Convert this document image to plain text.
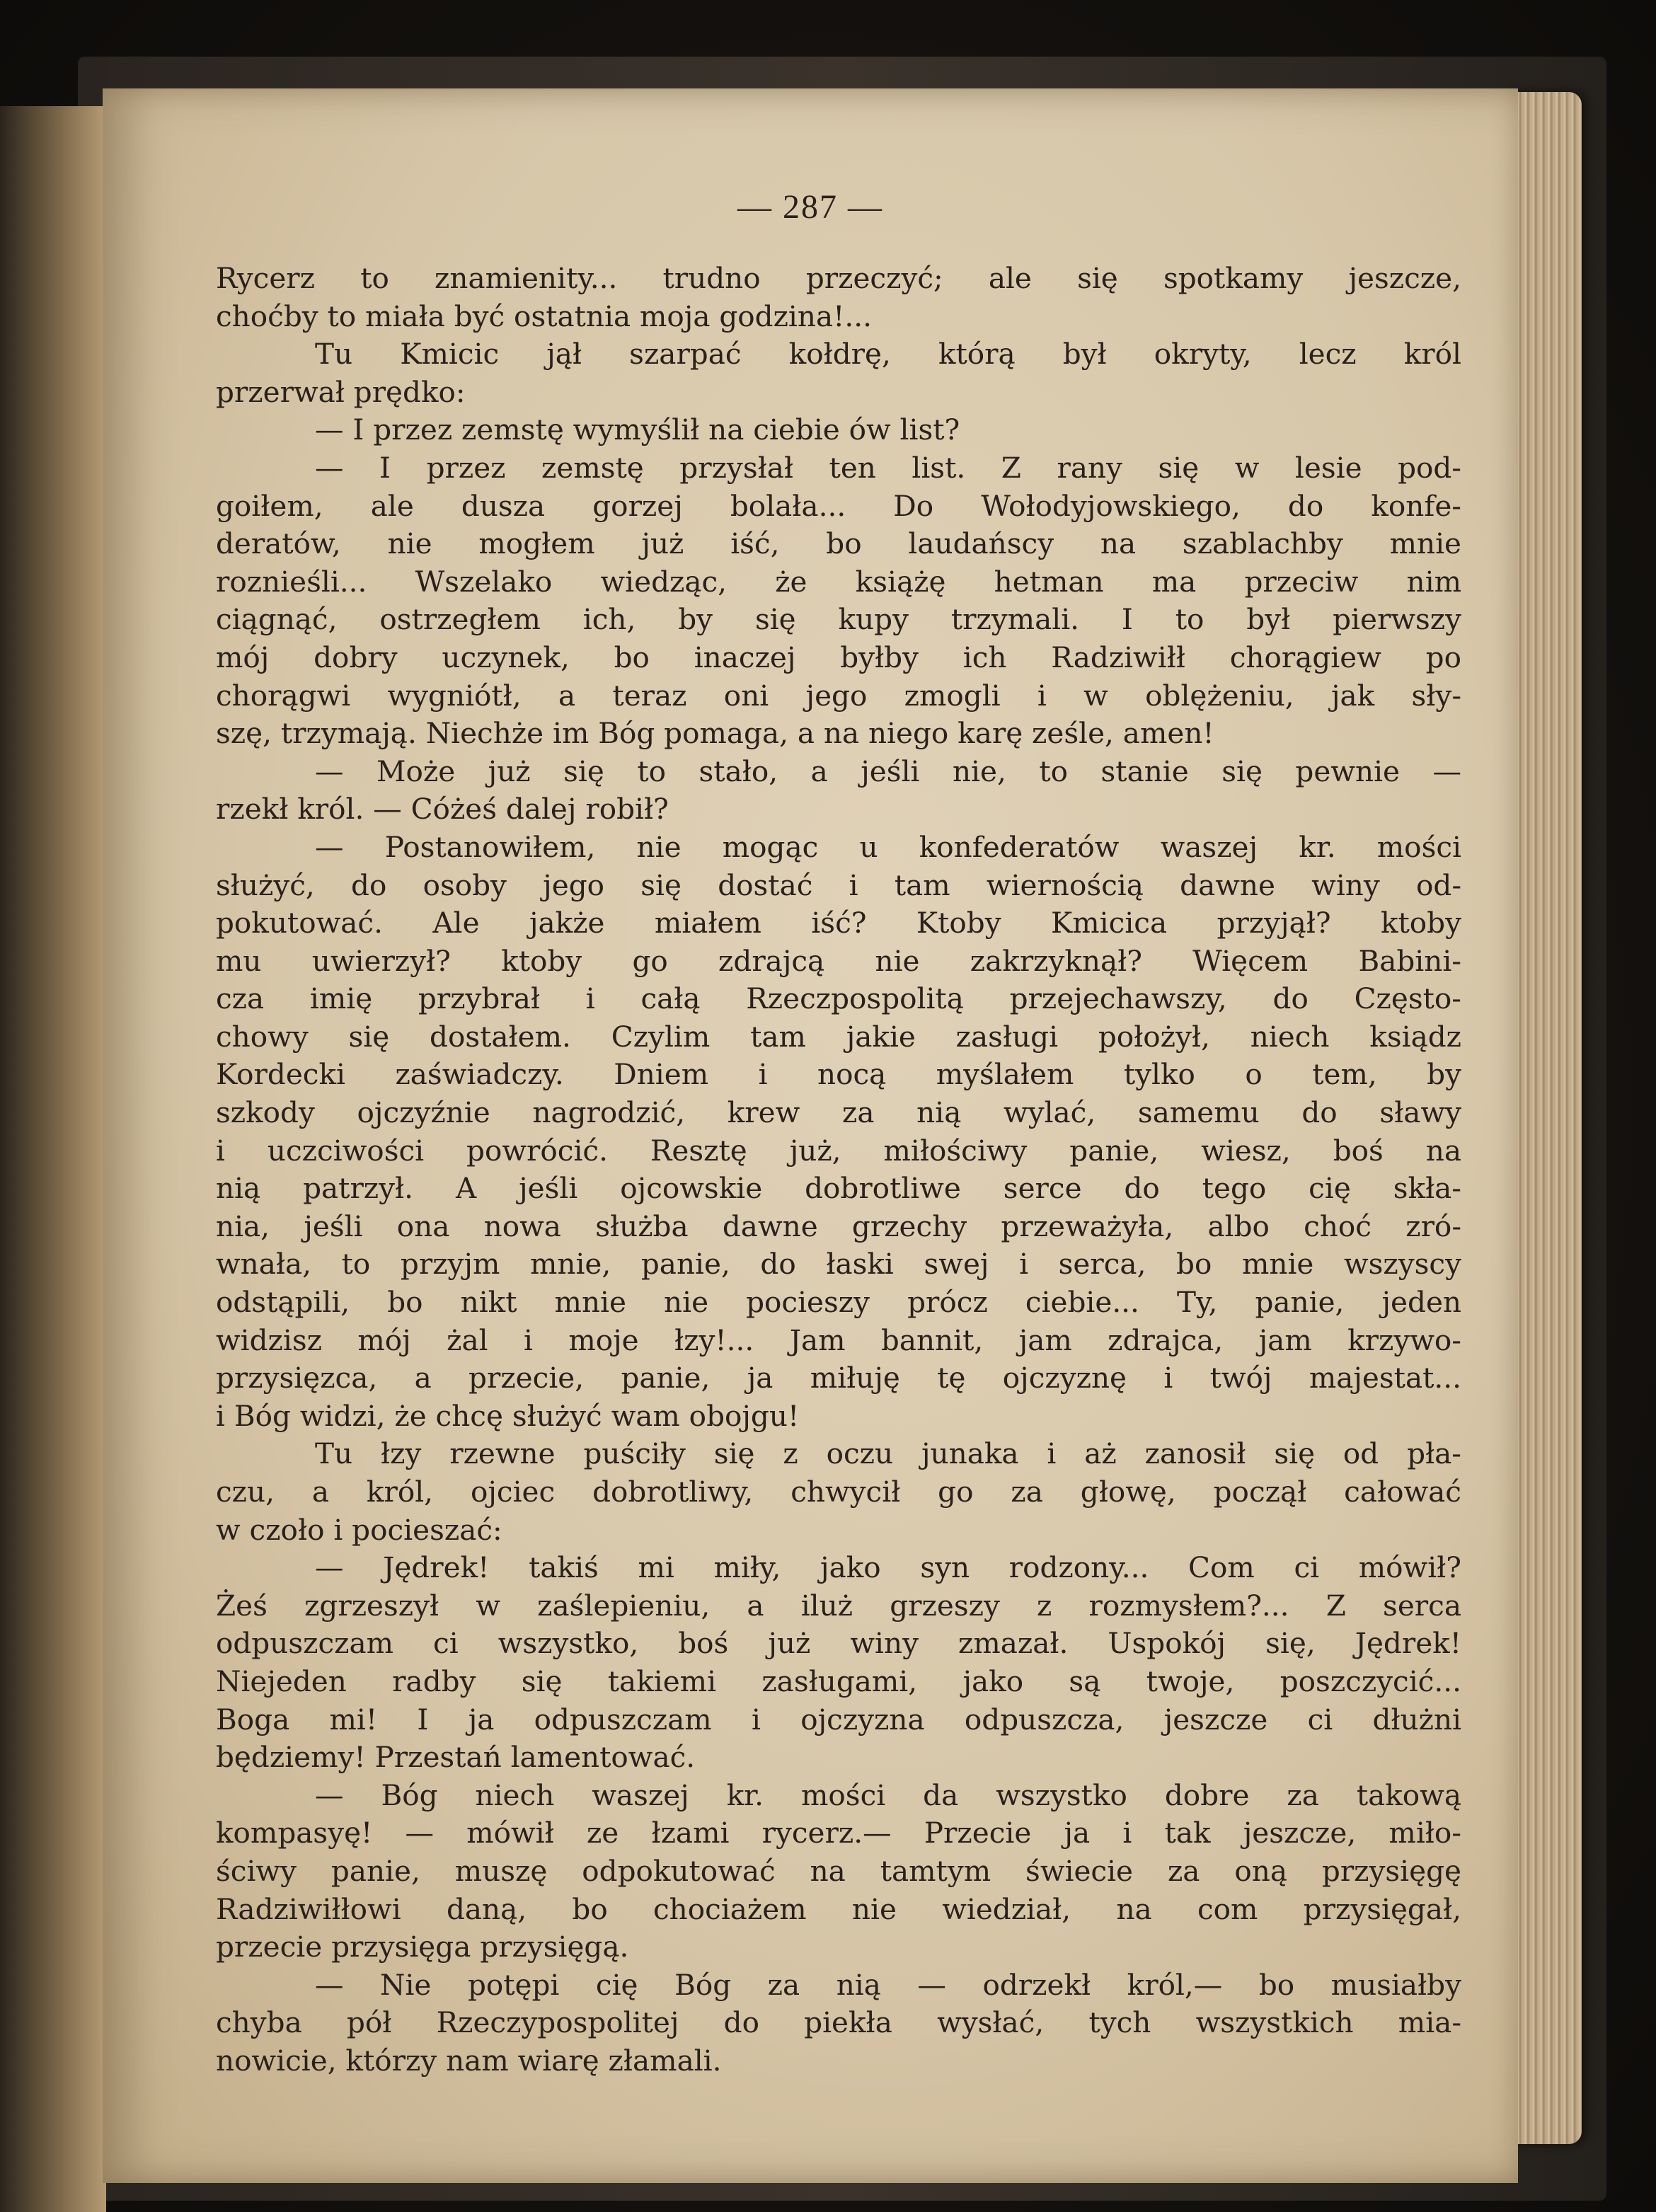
— 287 —
Rycerz to znamienity... trudno przeczyć; ale się spotkamy jeszcze,
choćby to miała być ostatnia moja godzina!...
Tu Kmicic jął szarpać kołdrę, którą był okryty, lecz król
przerwał prędko:
— I przez zemstę wymyślił na ciebie ów list?
— I przez zemstę przysłał ten list. Z rany się w lesie pod-
goiłem, ale dusza gorzej bolała... Do Wołodyjowskiego, do konfe-
deratów, nie mogłem już iść, bo laudańscy na szablachby mnie
roznieśli... Wszelako wiedząc, że książę hetman ma przeciw nim
ciągnąć, ostrzegłem ich, by się kupy trzymali. I to był pierwszy
mój dobry uczynek, bo inaczej byłby ich Radziwiłł chorągiew po
chorągwi wygniótł, a teraz oni jego zmogli i w oblężeniu, jak sły-
szę, trzymają. Niechże im Bóg pomaga, a na niego karę ześle, amen!
— Może już się to stało, a jeśli nie, to stanie się pewnie —
rzekł król. — Cóżeś dalej robił?
— Postanowiłem, nie mogąc u konfederatów waszej kr. mości
służyć, do osoby jego się dostać i tam wiernością dawne winy od-
pokutować. Ale jakże miałem iść? Ktoby Kmicica przyjął? ktoby
mu uwierzył? ktoby go zdrajcą nie zakrzyknął? Więcem Babini-
cza imię przybrał i całą Rzeczpospolitą przejechawszy, do Często-
chowy się dostałem. Czylim tam jakie zasługi położył, niech ksiądz
Kordecki zaświadczy. Dniem i nocą myślałem tylko o tem, by
szkody ojczyźnie nagrodzić, krew za nią wylać, samemu do sławy
i uczciwości powrócić. Resztę już, miłościwy panie, wiesz, boś na
nią patrzył. A jeśli ojcowskie dobrotliwe serce do tego cię skła-
nia, jeśli ona nowa służba dawne grzechy przeważyła, albo choć zró-
wnała, to przyjm mnie, panie, do łaski swej i serca, bo mnie wszyscy
odstąpili, bo nikt mnie nie pocieszy prócz ciebie... Ty, panie, jeden
widzisz mój żal i moje łzy!... Jam bannit, jam zdrajca, jam krzywo-
przysięzca, a przecie, panie, ja miłuję tę ojczyznę i twój majestat...
i Bóg widzi, że chcę służyć wam obojgu!
Tu łzy rzewne puściły się z oczu junaka i aż zanosił się od pła-
czu, a król, ojciec dobrotliwy, chwycił go za głowę, począł całować
w czoło i pocieszać:
— Jędrek! takiś mi miły, jako syn rodzony... Com ci mówił?
Żeś zgrzeszył w zaślepieniu, a iluż grzeszy z rozmysłem?... Z serca
odpuszczam ci wszystko, boś już winy zmazał. Uspokój się, Jędrek!
Niejeden radby się takiemi zasługami, jako są twoje, poszczycić...
Boga mi! I ja odpuszczam i ojczyzna odpuszcza, jeszcze ci dłużni
będziemy! Przestań lamentować.
— Bóg niech waszej kr. mości da wszystko dobre za takową
kompasyę! — mówił ze łzami rycerz.— Przecie ja i tak jeszcze, miło-
ściwy panie, muszę odpokutować na tamtym świecie za oną przysięgę
Radziwiłłowi daną, bo chociażem nie wiedział, na com przysięgał,
przecie przysięga przysięgą.
— Nie potępi cię Bóg za nią — odrzekł król,— bo musiałby
chyba pół Rzeczypospolitej do piekła wysłać, tych wszystkich mia-
nowicie, którzy nam wiarę złamali.
